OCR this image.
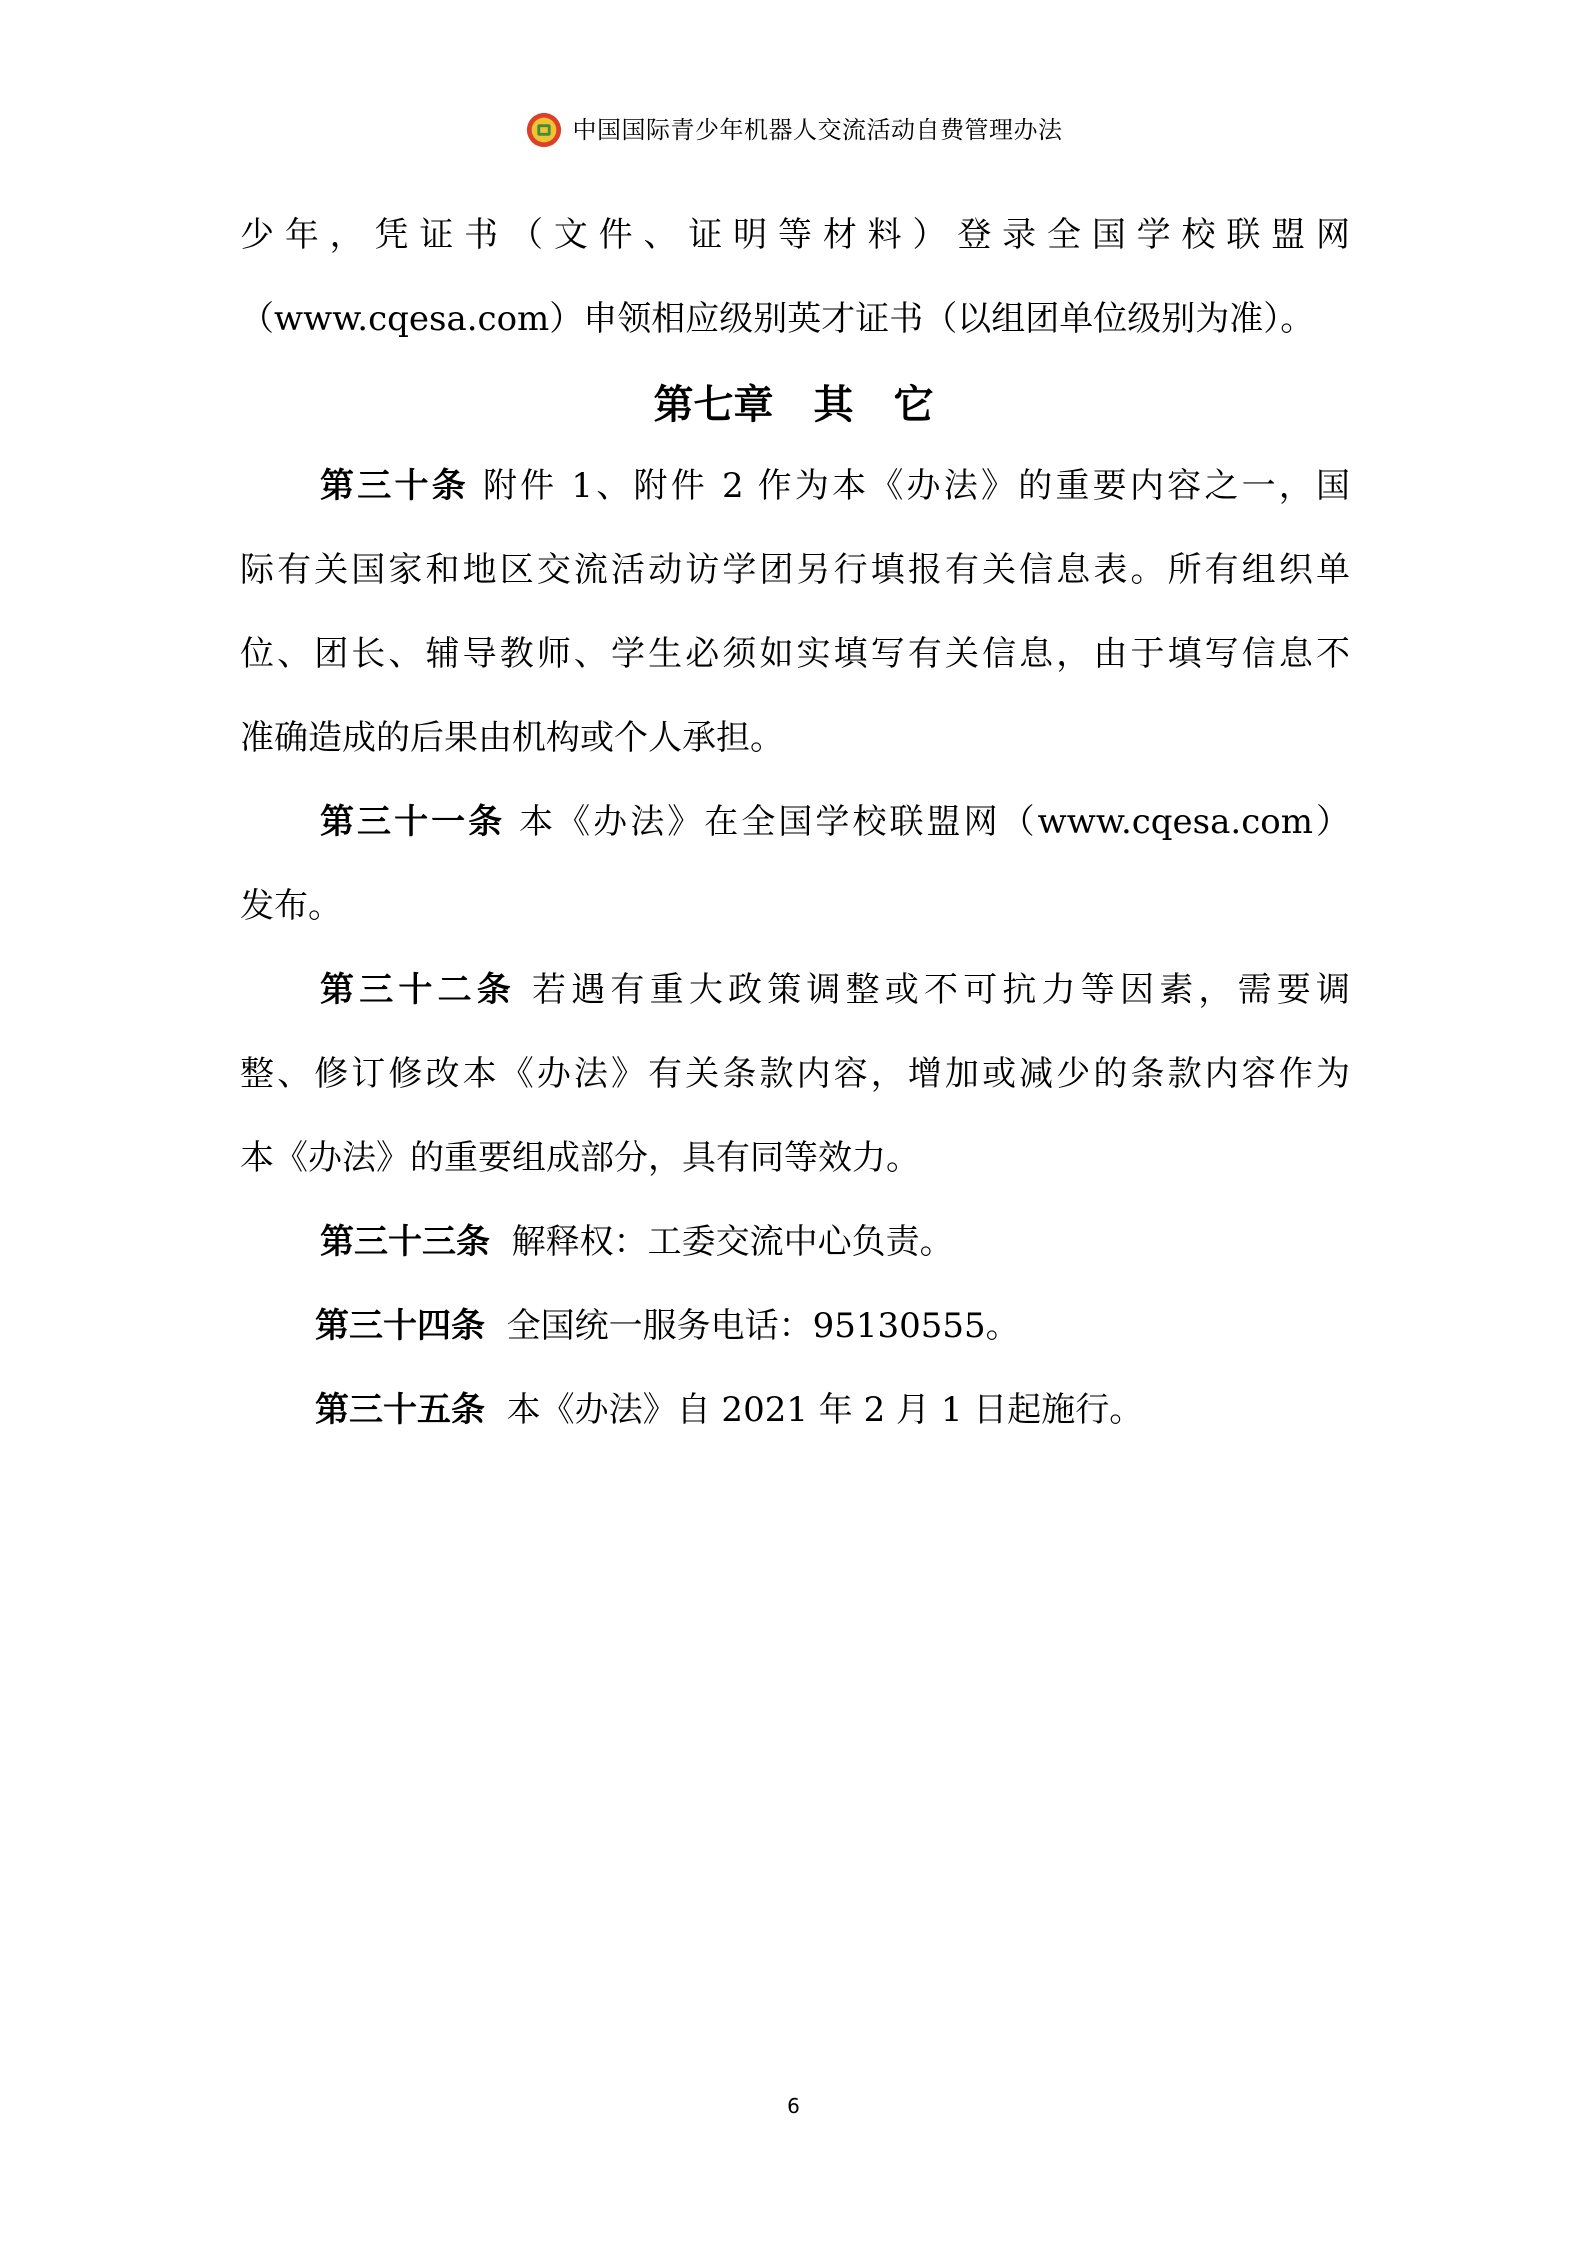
中国国际青少年机器人交流活动自费管理办法
少年，凭证书（文件、证明等材料）登录全国学校联盟网
（www.cqesa.com）申领相应级别英才证书（以组团单位级别为准）。
第七章　其　它
第三十条 附件 1、附件 2 作为本《办法》的重要内容之一，国
际有关国家和地区交流活动访学团另行填报有关信息表。所有组织单
位、团长、辅导教师、学生必须如实填写有关信息，由于填写信息不
准确造成的后果由机构或个人承担。
第三十一条 本《办法》在全国学校联盟网（www.cqesa.com）
发布。
第三十二条 若遇有重大政策调整或不可抗力等因素，需要调
整、修订修改本《办法》有关条款内容，增加或减少的条款内容作为
本《办法》的重要组成部分，具有同等效力。
第三十三条 解释权：工委交流中心负责。
第三十四条 全国统一服务电话：95130555。
第三十五条 本《办法》自 2021 年 2 月 1 日起施行。
6
